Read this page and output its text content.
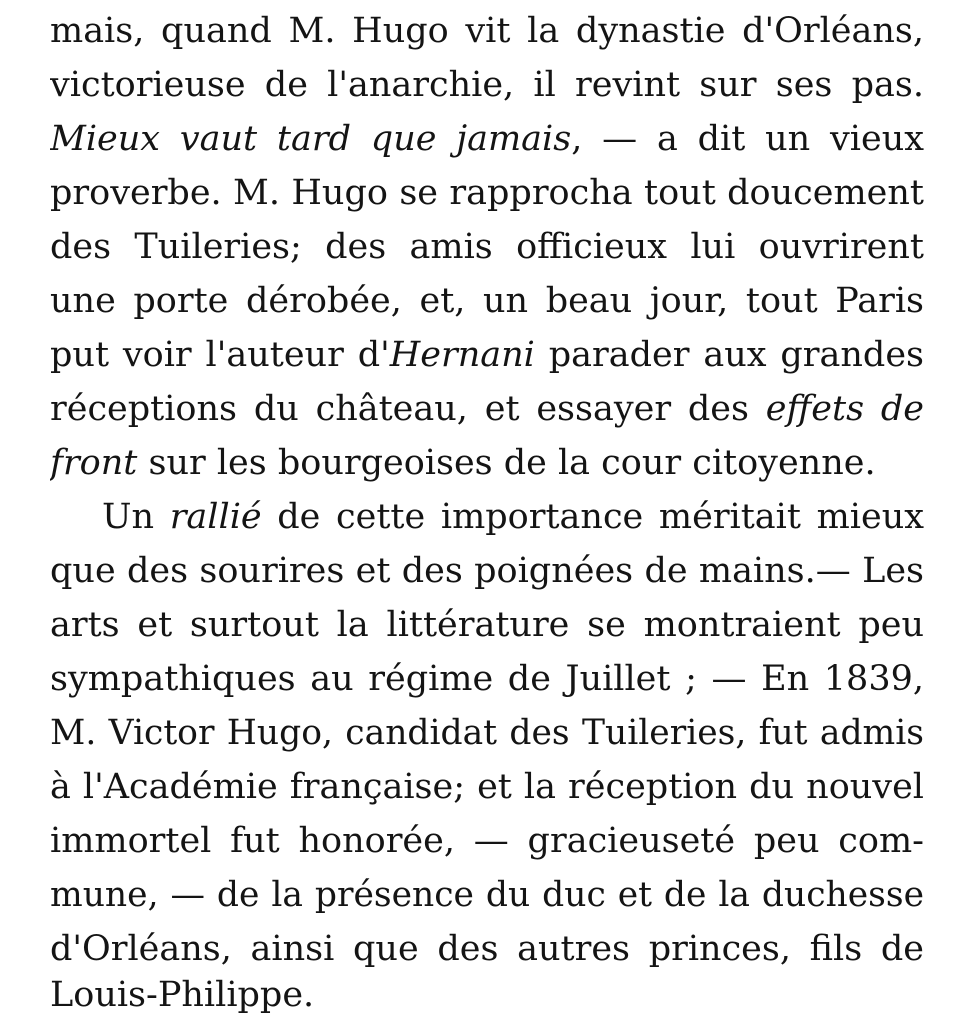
mais, quand M. Hugo vit la dynastie d'Orléans,
victorieuse de l'anarchie, il revint sur ses pas.
Mieux vaut tard que jamais, — a dit un vieux
proverbe. M. Hugo se rapprocha tout doucement
des Tuileries; des amis officieux lui ouvrirent
une porte dérobée, et, un beau jour, tout Paris
put voir l'auteur d'Hernani parader aux grandes
réceptions du château, et essayer des effets de
front sur les bourgeoises de la cour citoyenne.
Un rallié de cette importance méritait mieux
que des sourires et des poignées de mains.— Les
arts et surtout la littérature se montraient peu
sympathiques au régime de Juillet ; — En 1839,
M. Victor Hugo, candidat des Tuileries, fut admis
à l'Académie française; et la réception du nouvel
immortel fut honorée, — gracieuseté peu com-
mune, — de la présence du duc et de la duchesse
d'Orléans, ainsi que des autres princes, fils de
Louis-Philippe.
